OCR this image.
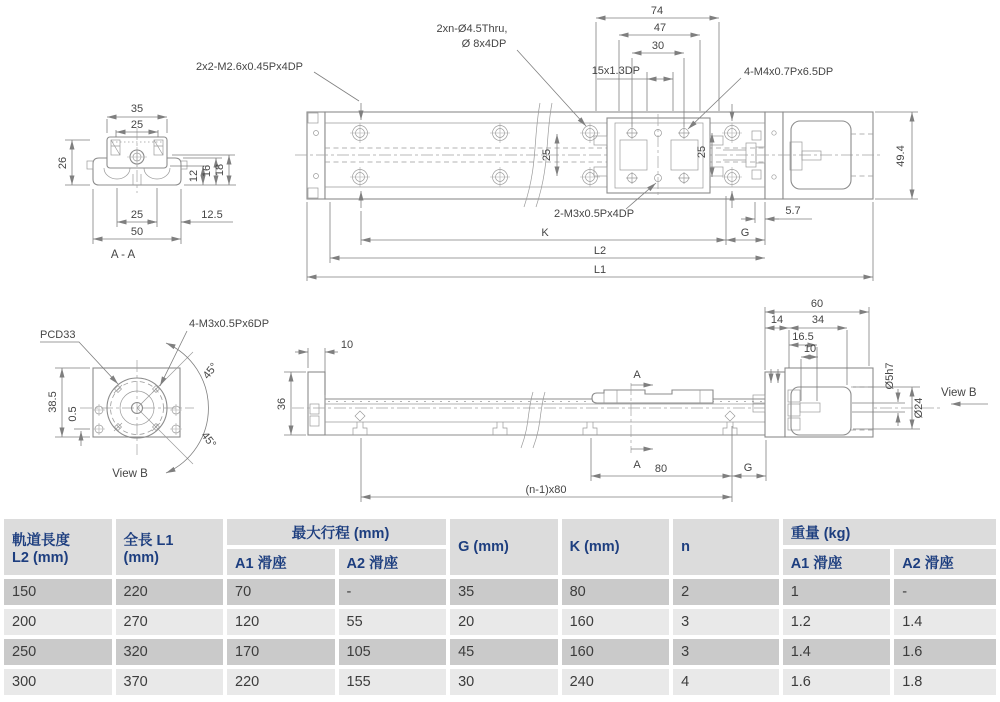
35
25
26
12 16 18
25	12.5
50
A - A
74
47
30
15x1.3DP	4-M4x0.7Px6.5DP
2x2-M2.6x0.45Px4DP
2xn-Ø4.5Thru,
Ø 8x4DP
25	25
2-M3x0.5Px4DP	5.7
K	G
L2
L1
49.4
45°
45°
PCD33
4-M3x0.5Px6DP
38.5
0.5
View B
A
A
60
14	34
16.5
10
Ø5h7
Ø24
View B
10
36
80	G
(n-1)x80
軌道長度
L2 (mm)

全長 L1
(mm)
	最大行程 (mm)	G (mm)	K (mm)	n	重量 (kg)
		A1 滑座	A2 滑座				A1 滑座	A2 滑座
150	220	70	-	35	80	2	1	-
200	270	120	55	20	160	3	1.2	1.4
250	320	170	105	45	160	3	1.4	1.6
300	370	220	155	30	240	4	1.6	1.8
